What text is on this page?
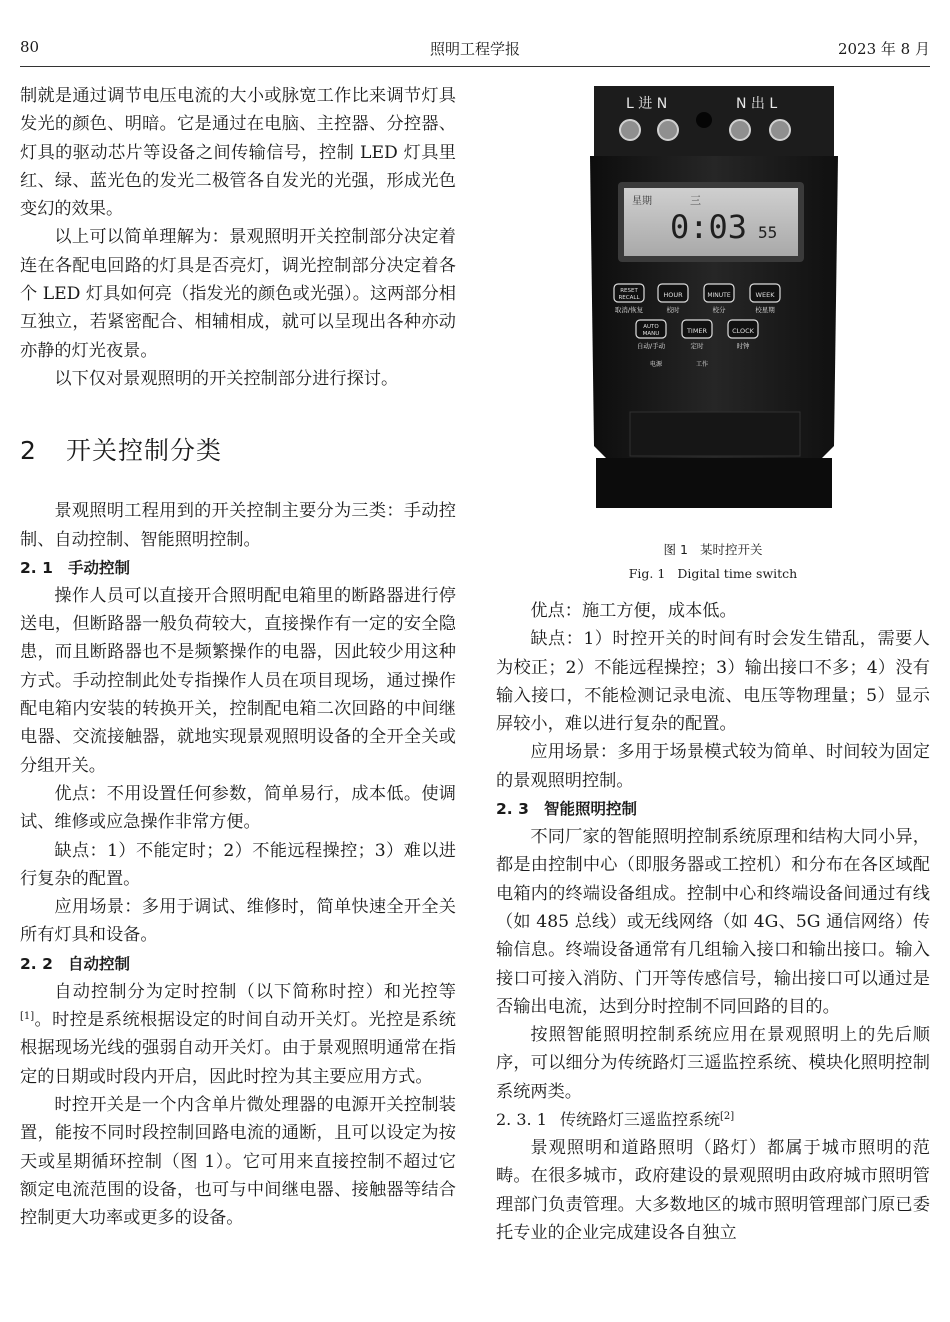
80	照明工程学报	2023 年 8 月

制就是通过调节电压电流的大小或脉宽工作比来调节灯具发光的颜色、明暗。它是通过在电脑、主控器、分控器、灯具的驱动芯片等设备之间传输信号，控制 LED 灯具里红、绿、蓝光色的发光二极管各自发光的光强，形成光色变幻的效果。

以上可以简单理解为：景观照明开关控制部分决定着连在各配电回路的灯具是否亮灯，调光控制部分决定着各个 LED 灯具如何亮（指发光的颜色或光强）。这两部分相互独立，若紧密配合、相辅相成，就可以呈现出各种亦动亦静的灯光夜景。

以下仅对景观照明的开关控制部分进行探讨。

2 开关控制分类

景观照明工程用到的开关控制主要分为三类：手动控制、自动控制、智能照明控制。

2. 1 手动控制

操作人员可以直接开合照明配电箱里的断路器进行停送电，但断路器一般负荷较大，直接操作有一定的安全隐患，而且断路器也不是频繁操作的电器，因此较少用这种方式。手动控制此处专指操作人员在项目现场，通过操作配电箱内安装的转换开关，控制配电箱二次回路的中间继电器、交流接触器，就地实现景观照明设备的全开全关或分组开关。

优点：不用设置任何参数，简单易行，成本低。使调试、维修或应急操作非常方便。

缺点：1）不能定时；2）不能远程操控；3）难以进行复杂的配置。

应用场景：多用于调试、维修时，简单快速全开全关所有灯具和设备。

2. 2 自动控制

自动控制分为定时控制（以下简称时控）和光控等[1]。时控是系统根据设定的时间自动开关灯。光控是系统根据现场光线的强弱自动开关灯。由于景观照明通常在指定的日期或时段内开启，因此时控为其主要应用方式。

时控开关是一个内含单片微处理器的电源开关控制装置，能按不同时段控制回路电流的通断，且可以设定为按天或星期循环控制（图 1）。它可用来直接控制不超过它额定电流范围的设备，也可与中间继电器、接触器等结合控制更大功率或更多的设备。

L 进 N	N 出 L
星期	三
0:03 55
RESET
RECALL
取消/恢复
HOUR
校时
MINUTE
校分
WEEK
校星期
AUTO
MANU
自动/手动
TIMER
定时
CLOCK
时钟
电源	工作
图 1 某时控开关
Fig. 1 Digital time switch

优点：施工方便，成本低。

缺点：1）时控开关的时间有时会发生错乱，需要人为校正；2）不能远程操控；3）输出接口不多；4）没有输入接口，不能检测记录电流、电压等物理量；5）显示屏较小，难以进行复杂的配置。

应用场景：多用于场景模式较为简单、时间较为固定的景观照明控制。

2. 3 智能照明控制

不同厂家的智能照明控制系统原理和结构大同小异，都是由控制中心（即服务器或工控机）和分布在各区域配电箱内的终端设备组成。控制中心和终端设备间通过有线（如 485 总线）或无线网络（如 4G、5G 通信网络）传输信息。终端设备通常有几组输入接口和输出接口。输入接口可接入消防、门开等传感信号，输出接口可以通过是否输出电流，达到分时控制不同回路的目的。

按照智能照明控制系统应用在景观照明上的先后顺序，可以细分为传统路灯三遥监控系统、模块化照明控制系统两类。

2. 3. 1 传统路灯三遥监控系统[2]

景观照明和道路照明（路灯）都属于城市照明的范畴。在很多城市，政府建设的景观照明由政府城市照明管理部门负责管理。大多数地区的城市照明管理部门原已委托专业的企业完成建设各自独立
